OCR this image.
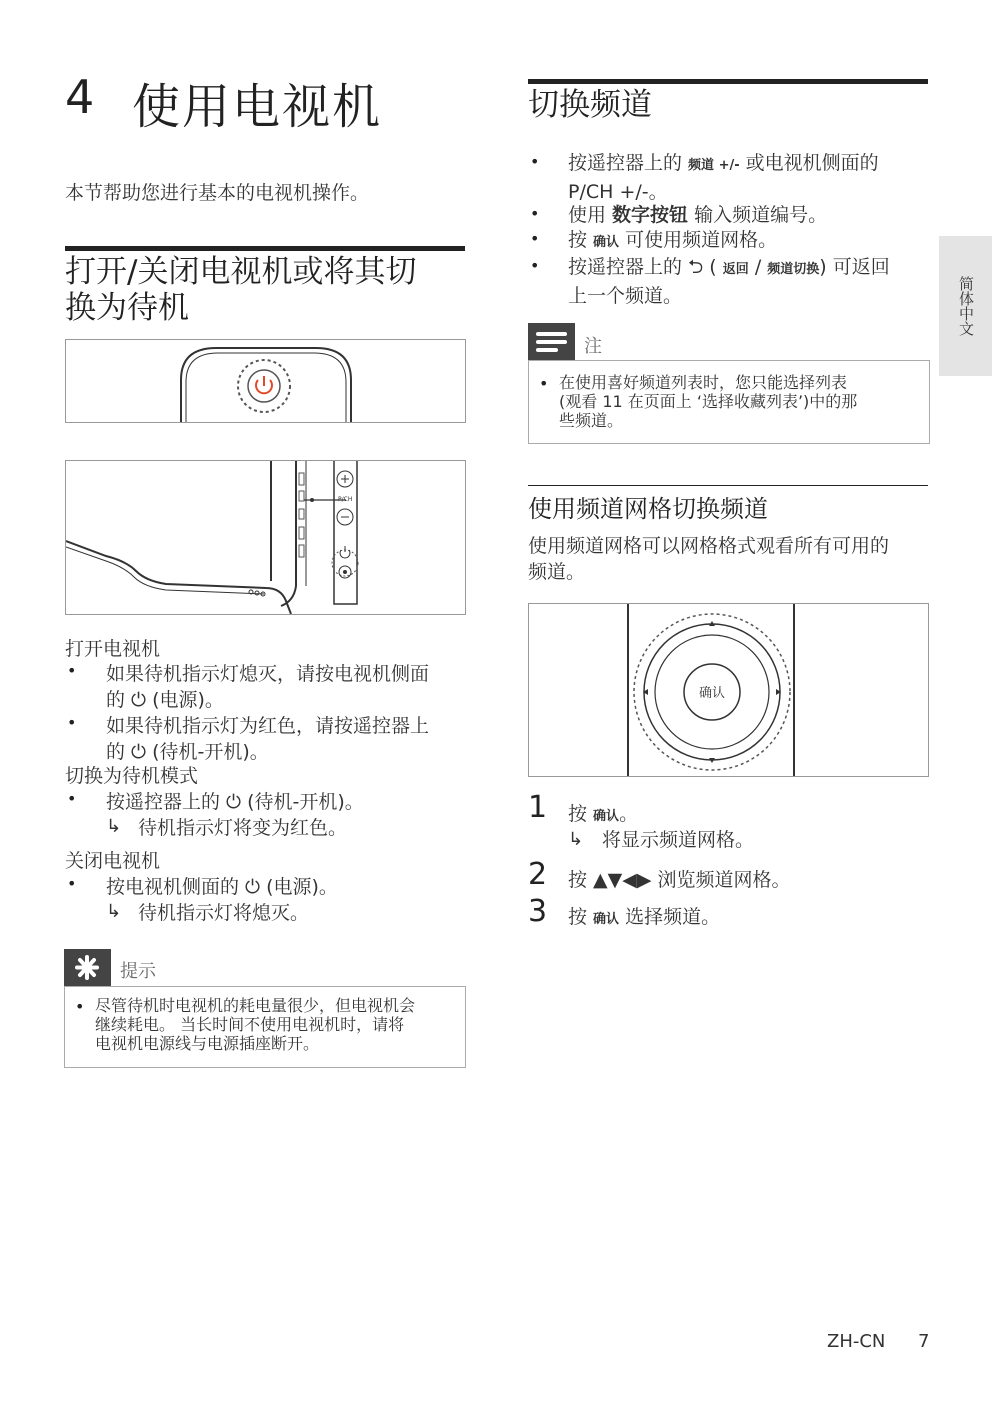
4 使用电视机
本节帮助您进行基本的电视机操作。
打开/关闭电视机或将其切
换为待机
P/CH
打开电视机
• 如果待机指示灯熄灭，请按电视机侧面
的 ⏻ (电源)。
• 如果待机指示灯为红色，请按遥控器上
的 ⏻ (待机-开机)。
切换为待机模式
• 按遥控器上的 ⏻ (待机-开机)。
↳ 待机指示灯将变为红色。
关闭电视机
• 按电视机侧面的 ⏻ (电源)。
↳ 待机指示灯将熄灭。
提示
• 尽管待机时电视机的耗电量很少，但电视机会
继续耗电。 当长时间不使用电视机时，请将
电视机电源线与电源插座断开。
切换频道
• 按遥控器上的 频道 +/- 或电视机侧面的
P/CH +/-。
• 使用 数字按钮 输入频道编号。
• 按 确认 可使用频道网格。
• 按遥控器上的 ⮌ ( 返回 / 频道切换) 可返回
上一个频道。
注
• 在使用喜好频道列表时，您只能选择列表
(观看 11 在页面上 ‘选择收藏列表’)中的那
些频道。
使用频道网格切换频道
使用频道网格可以网格格式观看所有可用的
频道。
确认
1 按 确认。
↳ 将显示频道网格。
2 按 ▲▼◀▶ 浏览频道网格。
3 按 确认 选择频道。
简体中文
ZH-CN 7
